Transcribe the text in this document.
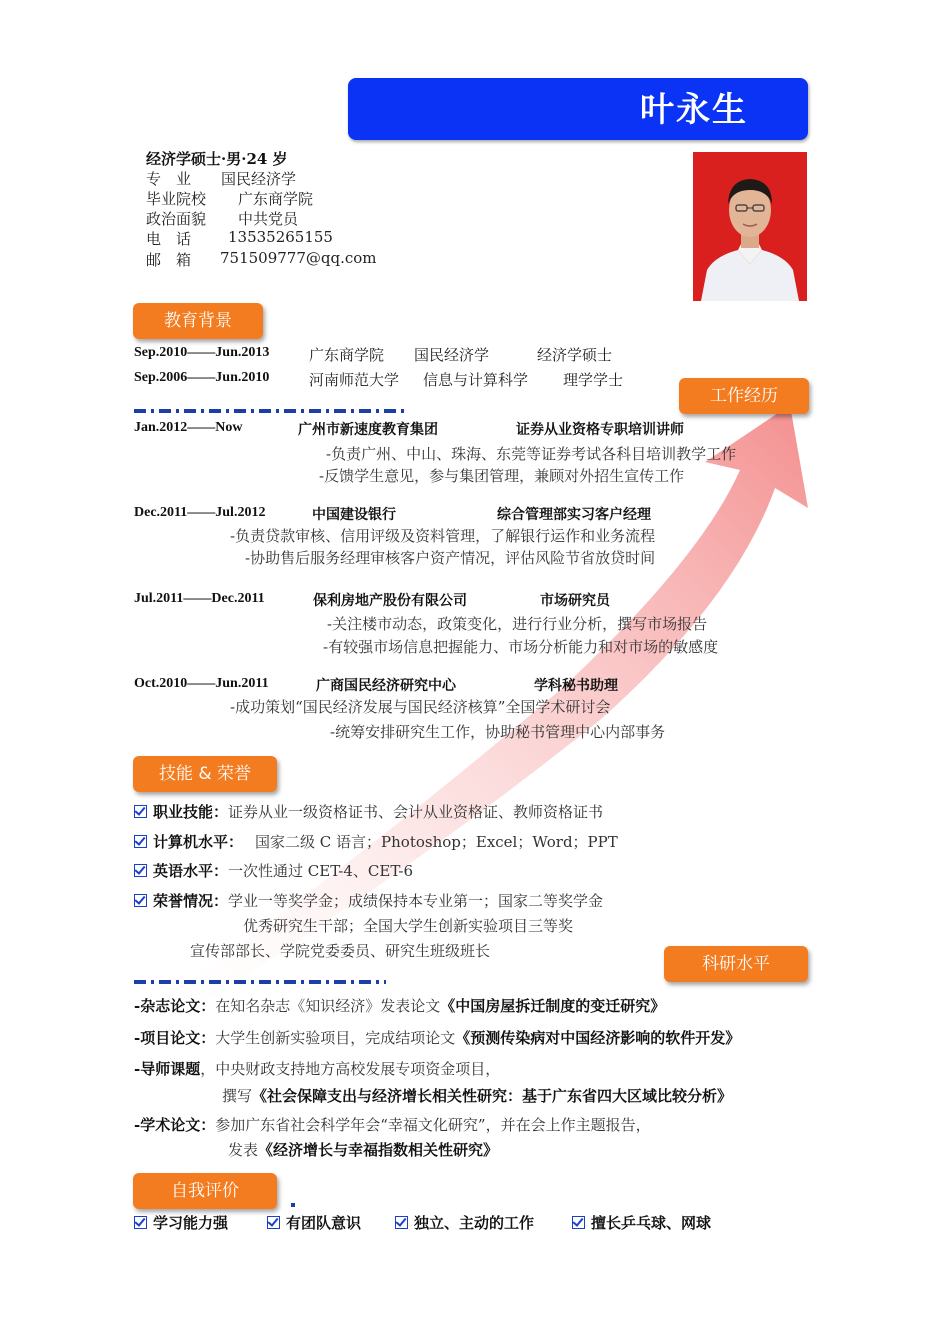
叶永生
经济学硕士·男·24 岁
专　业 国民经济学
毕业院校 广东商学院
政治面貌 中共党员
电　话 13535265155
邮　箱 751509777@qq.com
教育背景
Sep.2010——Jun.2013	广东商学院 国民经济学	经济学硕士
Sep.2006——Jun.2010	河南师范大学 信息与计算科学 理学学士
工作经历
Jan.2012——Now	广州市新速度教育集团	证券从业资格专职培训讲师
-负责广州、中山、珠海、东莞等证券考试各科目培训教学工作
-反馈学生意见，参与集团管理，兼顾对外招生宣传工作
Dec.2011——Jul.2012	中国建设银行	综合管理部实习客户经理
-负责贷款审核、信用评级及资料管理，了解银行运作和业务流程
-协助售后服务经理审核客户资产情况，评估风险节省放贷时间
Jul.2011——Dec.2011	保利房地产股份有限公司	市场研究员
-关注楼市动态，政策变化，进行行业分析，撰写市场报告
-有较强市场信息把握能力、市场分析能力和对市场的敏感度
Oct.2010——Jun.2011	广商国民经济研究中心	学科秘书助理
-成功策划“国民经济发展与国民经济核算”全国学术研讨会
-统筹安排研究生工作，协助秘书管理中心内部事务
技能 & 荣誉
职业技能：证券从业一级资格证书、会计从业资格证、教师资格证书
计算机水平： 国家二级 C 语言；Photoshop；Excel；Word；PPT
英语水平：一次性通过 CET-4、CET-6
荣誉情况：学业一等奖学金；成绩保持本专业第一；国家二等奖学金
优秀研究生干部；全国大学生创新实验项目三等奖
宣传部部长、学院党委委员、研究生班级班长
科研水平
-杂志论文：在知名杂志《知识经济》发表论文《中国房屋拆迁制度的变迁研究》
-项目论文：大学生创新实验项目，完成结项论文《预测传染病对中国经济影响的软件开发》
-导师课题，中央财政支持地方高校发展专项资金项目，
撰写《社会保障支出与经济增长相关性研究：基于广东省四大区域比较分析》
-学术论文：参加广东省社会科学年会“幸福文化研究”，并在会上作主题报告，
发表《经济增长与幸福指数相关性研究》
自我评价
学习能力强	有团队意识	独立、主动的工作	擅长乒乓球、网球
